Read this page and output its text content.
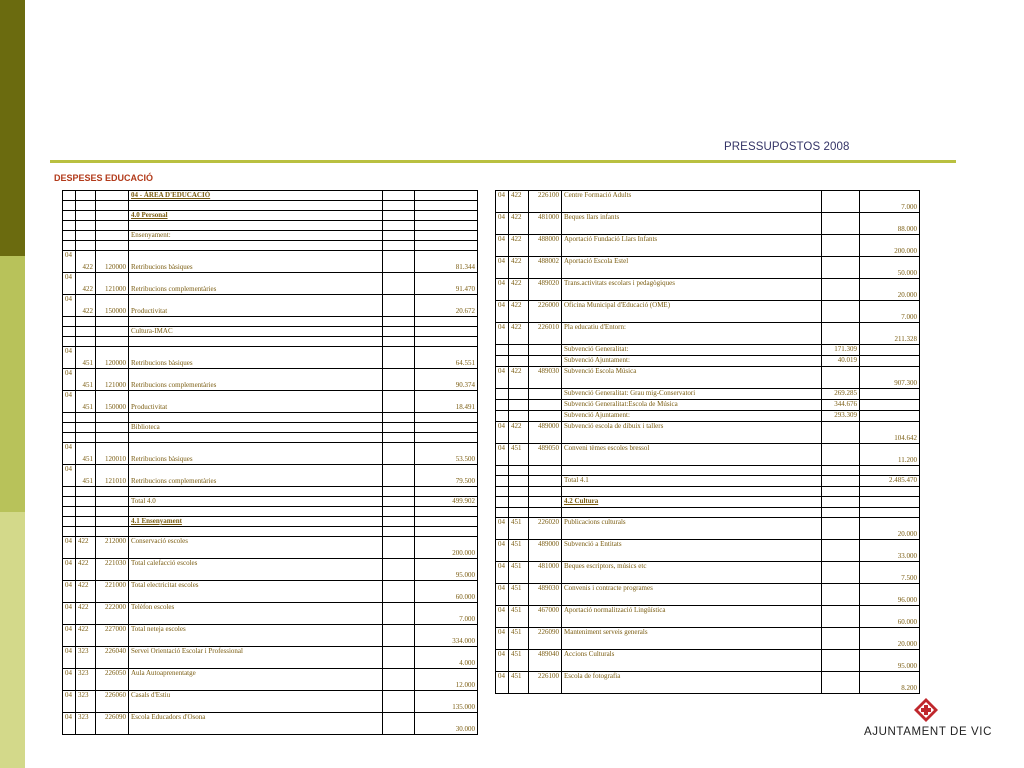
PRESSUPOSTOS 2008
DESPESES EDUCACIÓ
			04 - ÀREA D'EDUCACIÓ		

			4.0 Personal		

			Ensenyament:		

04	422	120000	Retribucions bàsiques		81.344
04	422	121000	Retribucions complementàries		91.470
04	422	150000	Productivitat		20.672

			Cultura-IMAC		

04	451	120000	Retribucions bàsiques		64.551
04	451	121000	Retribucions complementàries		90.374
04	451	150000	Productivitat		18.491

			Biblioteca		

04	451	120010	Retribucions bàsiques		53.500
04	451	121010	Retribucions complementàries		79.500

			Total 4.0		499.902

			4.1 Ensenyament		

04	422	212000	Conservació escoles		200.000
04	422	221030	Total calefacció escoles		95.000
04	422	221000	Total electricitat escoles		60.000
04	422	222000	Telèfon escoles		7.000
04	422	227000	Total neteja escoles		334.000
04	323	226040	Servei Orientació Escolar i Professional		4.000
04	323	226050	Aula Autoaprenentatge		12.000
04	323	226060	Casals d'Estiu		135.000
04	323	226090	Escola Educadors d'Osona		30.000
04	422	226100	Centre Formació Adults		7.000
04	422	481000	Beques llars infants		88.000
04	422	488000	Aportació Fundació Llars Infants		200.000
04	422	488002	Aportació Escola Estel		50.000
04	422	489020	Trans.activitats escolars i pedagògiques		20.000
04	422	226000	Oficina Municipal d'Educació (OME)		7.000
04	422	226010	Pla educatiu d'Entorn:		211.328
			Subvenció Generalitat:	171.309	
			Subvenció Ajuntament:	40.019	
04	422	489030	Subvenció Escola Música		907.300
			Subvenció Generalitat: Grau mig-Conservatori	269.285	
			Subvenció Generalitat:Escola de Música	344.676	
			Subvenció Ajuntament:	293.309	
04	422	489000	Subvenció escola de dibuix i tallers		104.642
04	451	489050	Conveni tèmes escoles bressol		11.200

			Total 4.1		2.485.470

			4.2 Cultura		

04	451	226020	Publicacions culturals		20.000
04	451	489000	Subvenció a Entitats		33.000
04	451	481000	Beques escriptors, músics etc		7.500
04	451	489030	Convenis i contracte programes		96.000
04	451	467000	Aportació normalització Lingüística		60.000
04	451	226090	Manteniment serveis generals		20.000
04	451	489040	Accions Culturals		95.000
04	451	226100	Escola de fotografia		8.200
AJUNTAMENT DE VIC
